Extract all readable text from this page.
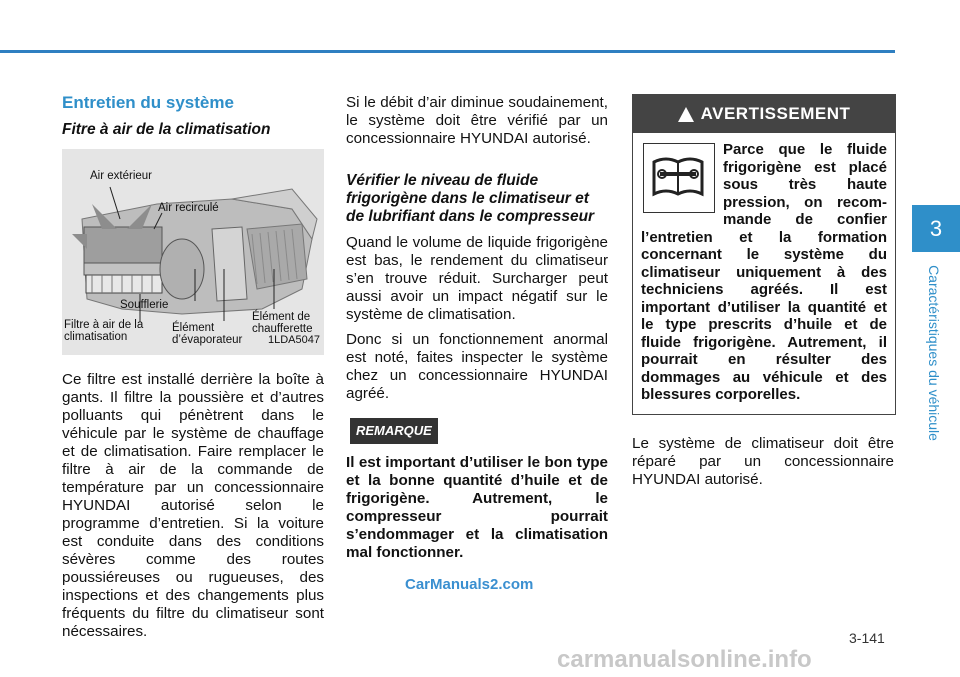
Entretien du système
Fitre à air de la climatisation
Air extérieur
Air recirculé
Soufflerie
Filtre à air de la climatisation
Élément d’évaporateur
Élément de chaufferette
1LDA5047

Ce filtre est installé derrière la boîte à gants. Il filtre la poussière et d’autres polluants qui pénètrent dans le véhicule par le système de chauffage et de climatisation. Faire remplacer le filtre à air de la commande de température par un concessionnaire HYUNDAI autorisé selon le programme d’entretien. Si la voiture est conduite dans des conditions sévères comme des routes poussiéreuses ou rugueuses, des inspections et des changements plus fréquents du filtre du climatiseur sont nécessaires.

Si le débit d’air diminue soudainement, le système doit être vérifié par un concessionnaire HYUNDAI autorisé.

Vérifier le niveau de fluide frigorigène dans le climatiseur et de lubrifiant dans le compresseur

Quand le volume de liquide frigorigène est bas, le rendement du climatiseur s’en trouve réduit. Surcharger peut aussi avoir un impact négatif sur le système de climatisation.

Donc si un fonctionnement anormal est noté, faites inspecter le système chez un concessionnaire HYUNDAI agréé.

REMARQUE
Il est important d’utiliser le bon type et la bonne quantité d’huile et de frigorigène. Autrement, le compresseur pourrait s’endommager et la climatisation mal fonctionner.
AVERTISSEMENT
Parce que le fluide frigorigène est placé sous très haute pression, on recom-mande de confier l’entretien et la formation concernant le système du climatiseur uniquement à des techniciens agréés. Il est important d’utiliser la quantité et le type prescrits d’huile et de fluide frigorigène. Autrement, il pourrait en résulter des dommages au véhicule et des blessures corporelles.

Le système de climatiseur doit être réparé par un concessionnaire HYUNDAI autorisé.

3
Caractéristiques du véhicule
3-141
CarManuals2.com
carmanualsonline.info
